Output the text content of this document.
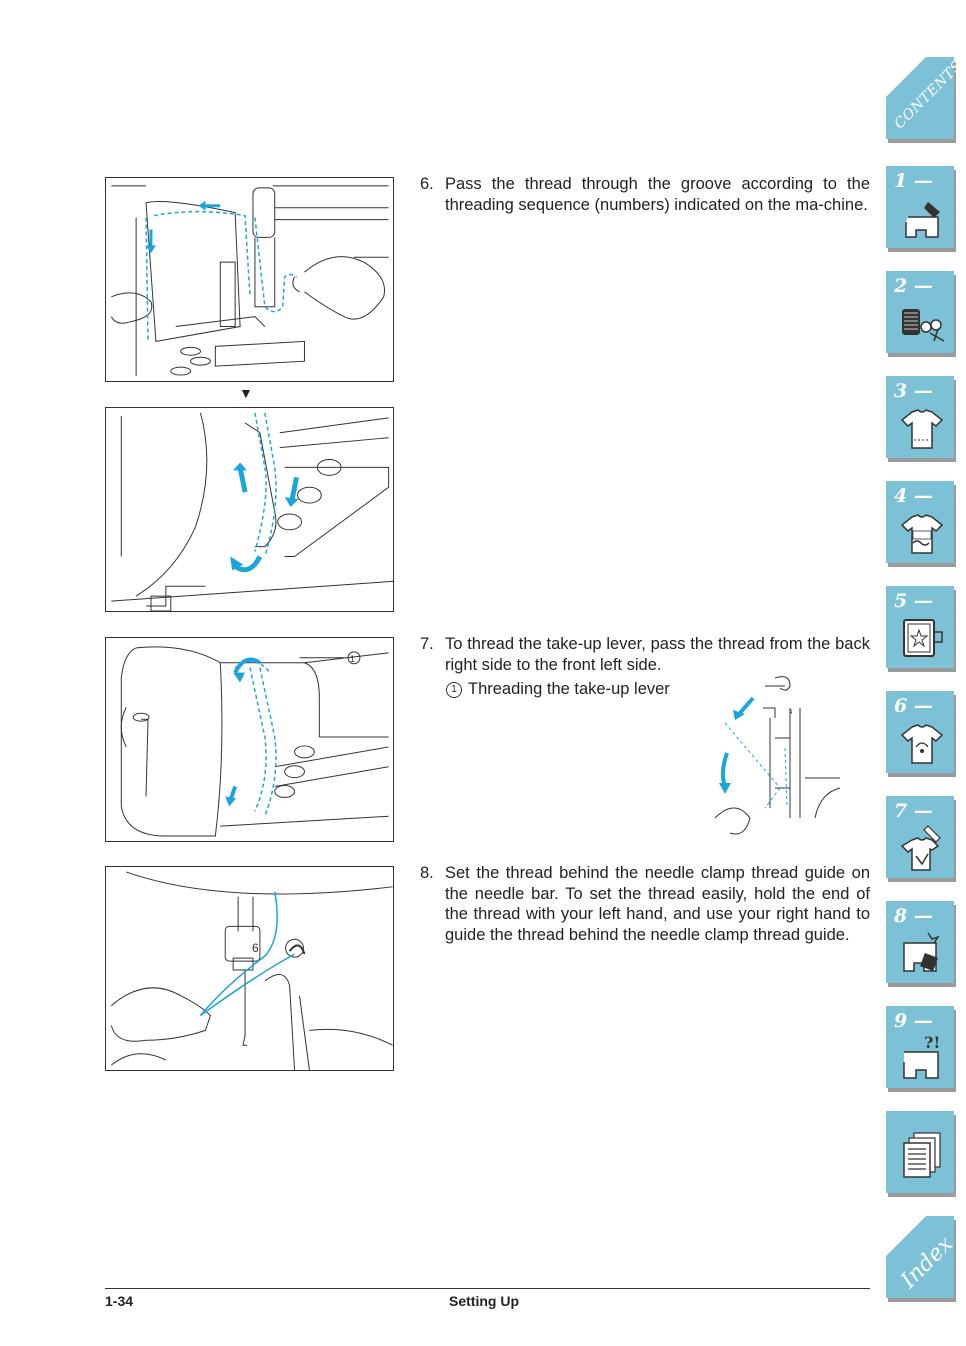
▼
1
4
6
6. Pass the thread through the groove according to the threading sequence (numbers) indicated on the ma-chine.
7. To thread the take-up lever, pass the thread from the back right side to the front left side.
1 Threading the take-up lever
8. Set the thread behind the needle clamp thread guide on the needle bar. To set the thread easily, hold the end of the thread with your left hand, and use your right hand to guide the thread behind the needle clamp thread guide.
1-34	Setting Up
CONTENTS
1 —
2 —
3 —
4 —
5 —
6 —
7 —
8 —
9 —
?!
Index
